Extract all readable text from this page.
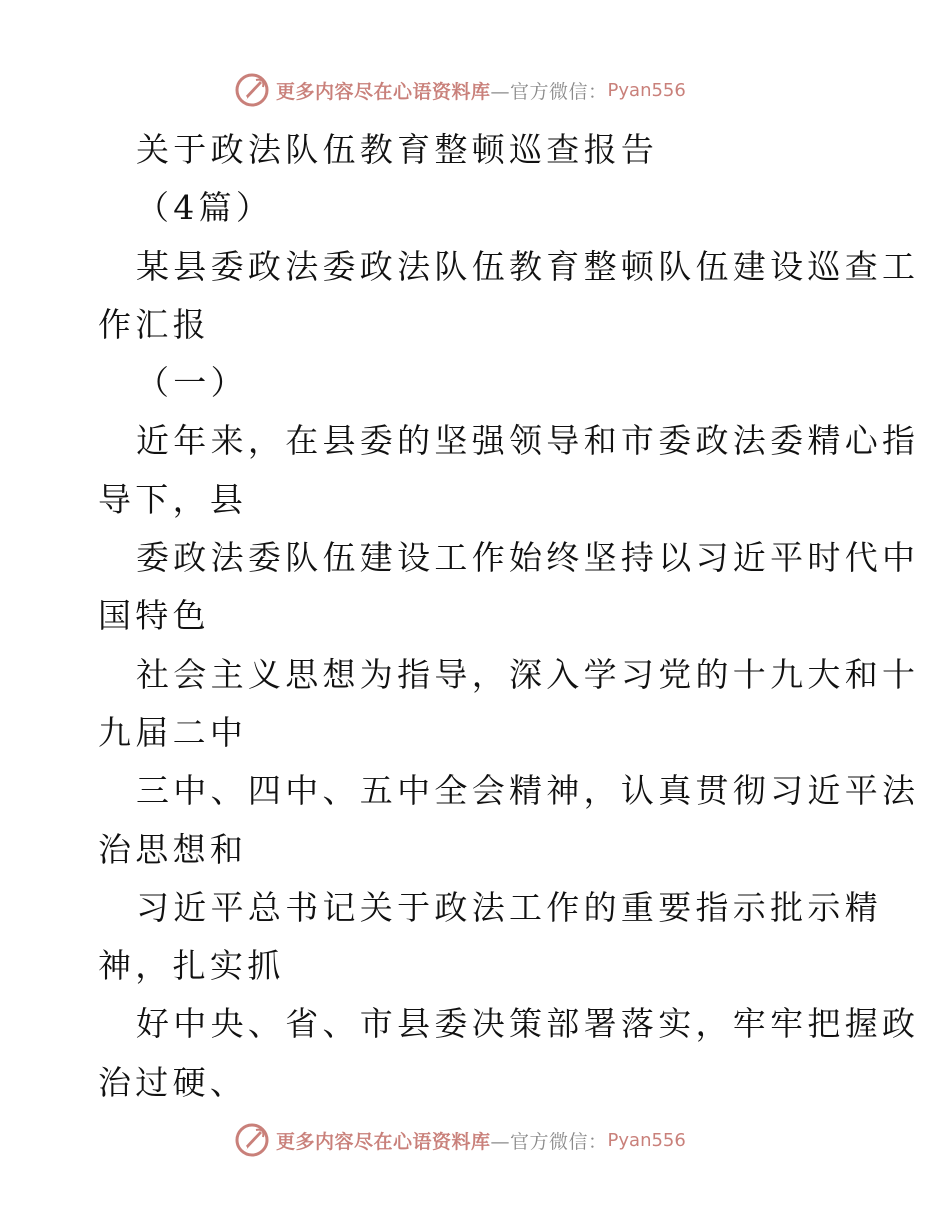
更多内容尽在心语资料库 —官方微信： Pyan556
关于政法队伍教育整顿巡查报告
（4篇）
某县委政法委政法队伍教育整顿队伍建设巡查工
作汇报
（一）
近年来，在县委的坚强领导和市委政法委精心指
导下，县
委政法委队伍建设工作始终坚持以习近平时代中
国特色
社会主义思想为指导，深入学习党的十九大和十
九届二中
三中、四中、五中全会精神，认真贯彻习近平法
治思想和
习近平总书记关于政法工作的重要指示批示精
神，扎实抓
好中央、省、市县委决策部署落实，牢牢把握政
治过硬、
更多内容尽在心语资料库 —官方微信： Pyan556
